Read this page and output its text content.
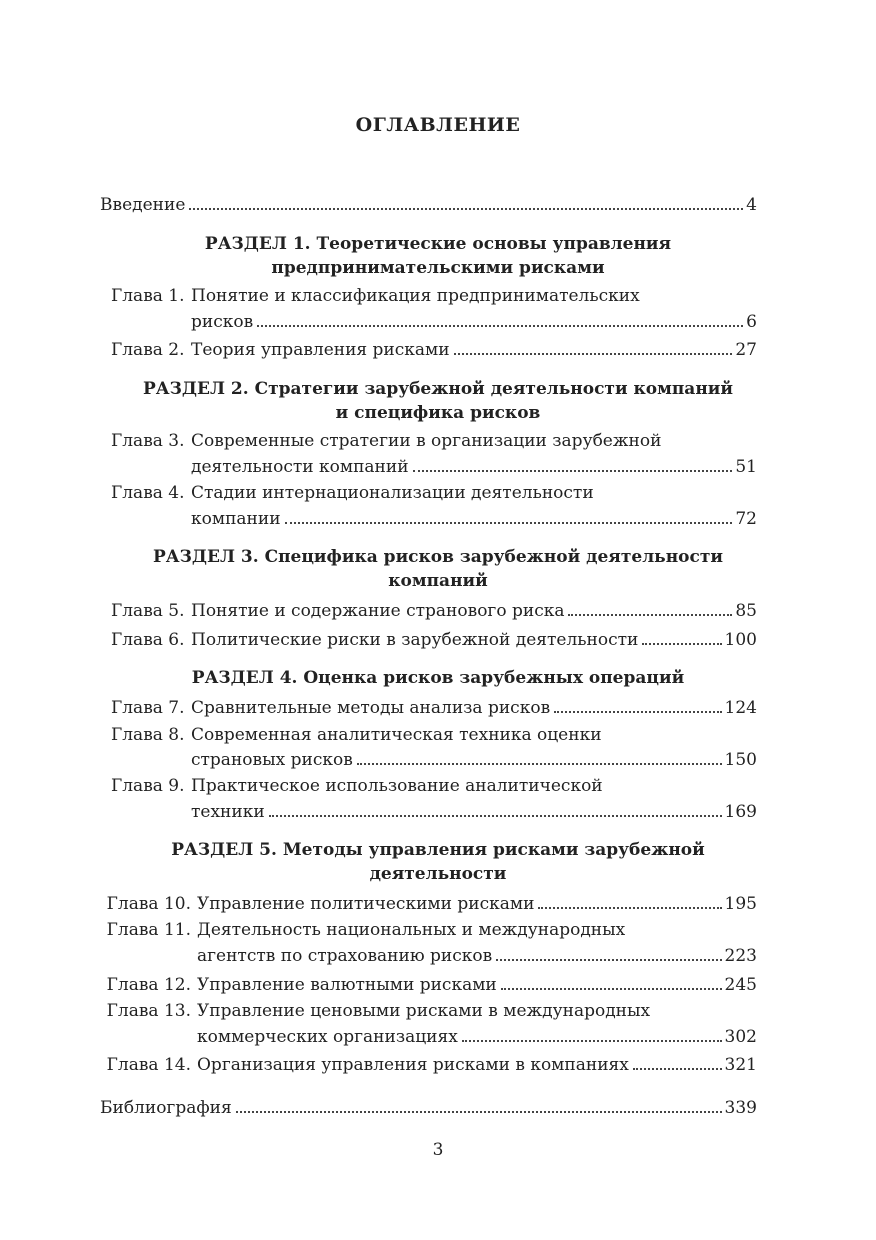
ОГЛАВЛЕНИЕ
Введение	4
РАЗДЕЛ 1. Теоретические основы управления
предпринимательскими рисками
Глава 1. Понятие и классификация предпринимательских
рисков	6
Глава 2. Теория управления рисками	27
РАЗДЕЛ 2. Стратегии зарубежной деятельности компаний
и специфика рисков
Глава 3. Современные стратегии в организации зарубежной
деятельности компаний	51
Глава 4. Стадии интернационализации деятельности
компании	72
РАЗДЕЛ 3. Специфика рисков зарубежной деятельности
компаний
Глава 5. Понятие и содержание странового риска	85
Глава 6. Политические риски в зарубежной деятельности	100
РАЗДЕЛ 4. Оценка рисков зарубежных операций
Глава 7. Сравнительные методы анализа рисков	124
Глава 8. Современная аналитическая техника оценки
страновых рисков	150
Глава 9. Практическое использование аналитической
техники	169
РАЗДЕЛ 5. Методы управления рисками зарубежной
деятельности
Глава 10. Управление политическими рисками	195
Глава 11. Деятельность национальных и международных
агентств по страхованию рисков	223
Глава 12. Управление валютными рисками	245
Глава 13. Управление ценовыми рисками в международных
коммерческих организациях	302
Глава 14. Организация управления рисками в компаниях	321
Библиография	339
3
